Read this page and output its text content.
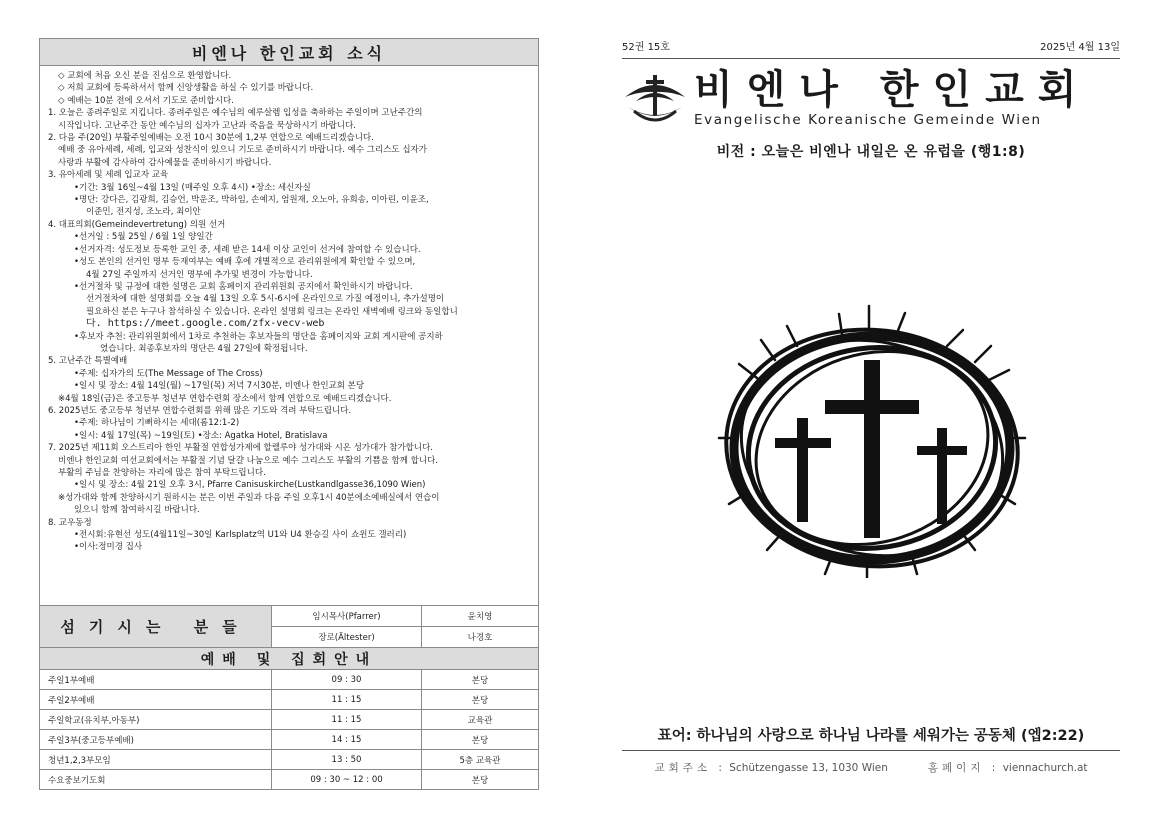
비엔나 한인교회 소식
◇ 교회에 처음 오신 분을 진심으로 환영합니다.
◇ 저희 교회에 등록하셔서 함께 신앙생활을 하실 수 있기를 바랍니다.
◇ 예배는 10분 전에 오셔서 기도로 준비합시다.
1. 오늘은 종려주일로 지킵니다. 종려주일은 예수님의 예루살렘 입성을 축하하는 주일이며 고난주간의
시작입니다. 고난주간 동안 예수님의 십자가 고난과 죽음을 묵상하시기 바랍니다.
2. 다음 주(20일) 부활주일예배는 오전 10시 30분에 1,2부 연합으로 예배드리겠습니다.
예배 중 유아세례, 세례, 입교와 성찬식이 있으니 기도로 준비하시기 바랍니다. 예수 그리스도 십자가
사랑과 부활에 감사하여 감사예물을 준비하시기 바랍니다.
3. 유아세례 및 세례 입교자 교육
•기간: 3월 16일~4월 13일 (매주일 오후 4시) •장소: 세신자실
•명단: 강다은, 김광희, 김승언, 박운조, 박하임, 손예지, 엄원재, 오노아, 유희송, 이아린, 이윤조,
이준민, 전지성, 조노라, 최이안
4. 대표의회(Gemeindevertretung) 의원 선거
•선거일 : 5월 25일 / 6월 1일 양일간
•선거자격: 성도정보 등록한 교인 중, 세례 받은 14세 이상 교인이 선거에 참여할 수 있습니다.
•성도 본인의 선거인 명부 등재여부는 예배 후에 개별적으로 관리위원에게 확인할 수 있으며,
4월 27일 주일까지 선거인 명부에 추가및 변경이 가능합니다.
•선거절차 및 규정에 대한 설명은 교회 홈페이지 관리위원회 공지에서 확인하시기 바랍니다.
선거절차에 대한 설명회를 오늘 4월 13일 오후 5시-6시에 온라인으로 가질 예정이니, 추가설명이
필요하신 분은 누구나 참석하실 수 있습니다. 온라인 설명회 링크는 온라인 새벽예배 링크와 동일합니
다. https://meet.google.com/zfx-vecv-web
•후보자 추천: 관리위원회에서 1차로 추천하는 후보자들의 명단을 홈페이지와 교회 게시판에 공지하
였습니다. 최종후보자의 명단은 4월 27일에 확정됩니다.
5. 고난주간 특별예배
•주제: 십자가의 도(The Message of The Cross)
•일시 및 장소: 4월 14일(월) ~17일(목) 저녁 7시30분, 비엔나 한인교회 본당
※4월 18일(금)은 중고등부 청년부 연합수련회 장소에서 함께 연합으로 예배드리겠습니다.
6. 2025년도 중고등부 청년부 연합수련회를 위해 많은 기도와 격려 부탁드립니다.
•주제: 하나님이 기뻐하시는 세대(롬12:1-2)
•일시: 4월 17일(목) ~19일(토) •장소: Agatka Hotel, Bratislava
7. 2025년 제11회 오스트리아 한인 부활절 연합성가제에 할렐루야 성가대와 시온 성가대가 참가합니다.
비엔나 한인교회 여선교회에서는 부활절 기념 달걀 나눔으로 예수 그리스도 부활의 기쁨을 함께 합니다.
부활의 주님을 찬양하는 자리에 많은 참여 부탁드립니다.
•일시 및 장소: 4월 21일 오후 3시, Pfarre Canisuskirche(Lustkandlgasse36,1090 Wien)
※성가대와 함께 찬양하시기 원하시는 분은 이번 주일과 다음 주일 오후1시 40분에소예배실에서 연습이
있으니 함께 참여하시길 바랍니다.
8. 교우동정
•전시회:유현선 성도(4월11일~30일 Karlsplatz역 U1와 U4 환승길 사이 쇼윈도 갤러리)
•이사:정미경 집사
섬기시는 분들
임시목사(Pfarrer)	윤치영
장로(Ältester)	나경호
예배 및 집회안내
주일1부예배	09 : 30	본당
주일2부예배	11 : 15	본당
주일학교(유치부,아동부)	11 : 15	교육관
주일3부(중고등부예배)	14 : 15	본당
청년1,2,3부모임	13 : 50	5층 교육관
수요중보기도회	09 : 30 ~ 12 : 00	본당
52권 15호	2025년 4월 13일
비엔나 한인교회
Evangelische Koreanische Gemeinde Wien
비전 : 오늘은 비엔나 내일은 온 유럽을 (행1:8)
표어: 하나님의 사랑으로 하나님 나라를 세워가는 공동체 (엡2:22)
교회주소 : Schützengasse 13, 1030 Wien	홈페이지 : viennachurch.at
